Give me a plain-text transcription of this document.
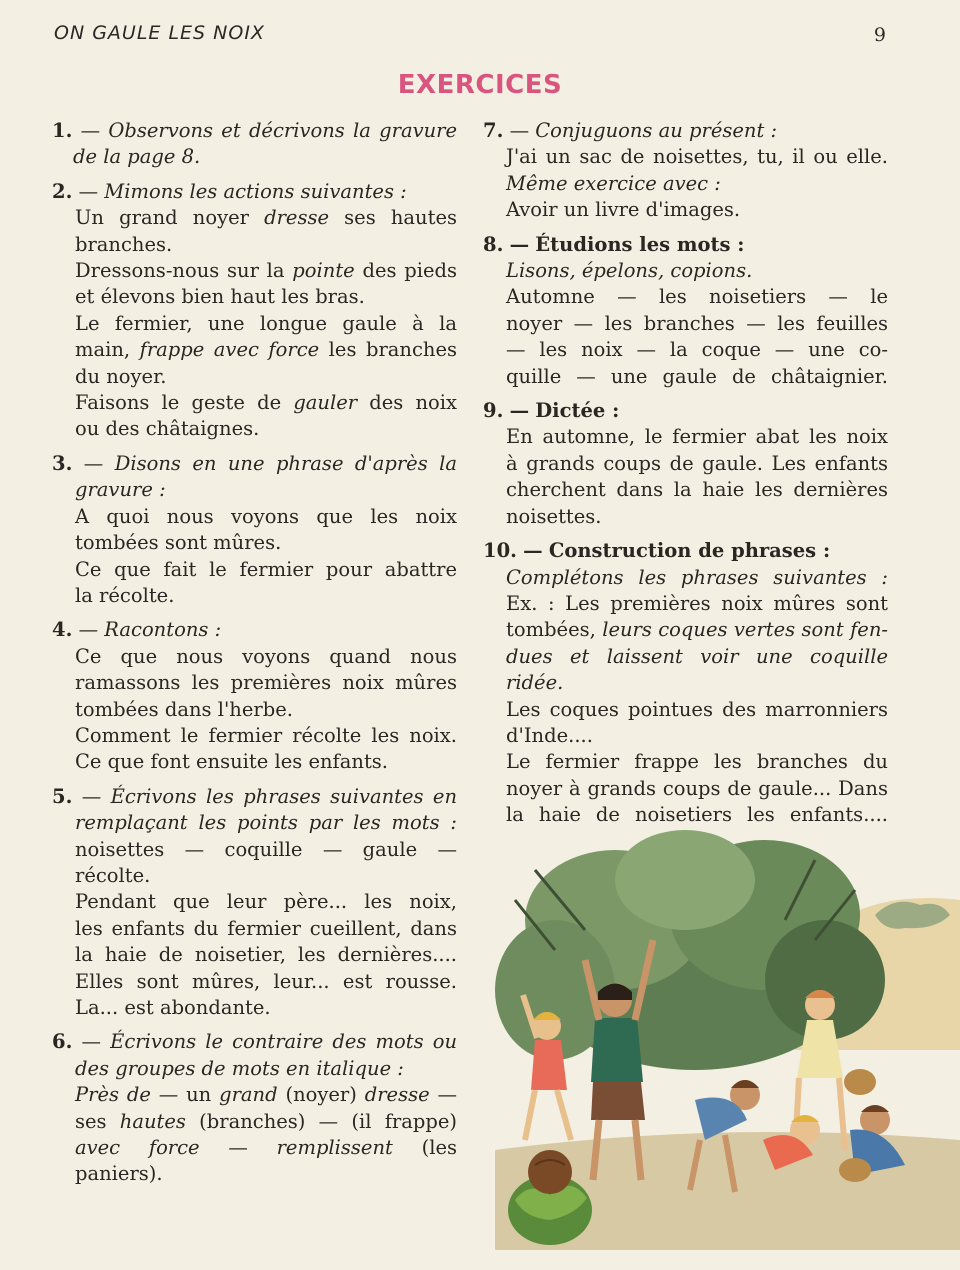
ON GAULE LES NOIX	9
EXERCICES
1. — Observons et décrivons la gravure
de la page 8.
2. — Mimons les actions suivantes :
Un grand noyer dresse ses hautes
branches.
Dressons-nous sur la pointe des pieds
et élevons bien haut les bras.
Le fermier, une longue gaule à la
main, frappe avec force les branches
du noyer.
Faisons le geste de gauler des noix
ou des châtaignes.
3. — Disons en une phrase d'après la
gravure :
A quoi nous voyons que les noix
tombées sont mûres.
Ce que fait le fermier pour abattre
la récolte.
4. — Racontons :
Ce que nous voyons quand nous
ramassons les premières noix mûres
tombées dans l'herbe.
Comment le fermier récolte les noix.
Ce que font ensuite les enfants.
5. — Écrivons les phrases suivantes en
remplaçant les points par les mots :
noisettes — coquille — gaule —
récolte.
Pendant que leur père... les noix,
les enfants du fermier cueillent, dans
la haie de noisetier, les dernières....
Elles sont mûres, leur... est rousse.
La... est abondante.
6. — Écrivons le contraire des mots ou
des groupes de mots en italique :
Près de — un grand (noyer) dresse —
ses hautes (branches) — (il frappe)
avec force — remplissent (les paniers).
7. — Conjuguons au présent :
J'ai un sac de noisettes, tu, il ou elle.
Même exercice avec :
Avoir un livre d'images.
8. — Étudions les mots :
Lisons, épelons, copions.
Automne — les noisetiers — le
noyer — les branches — les feuilles
— les noix — la coque — une co-
quille — une gaule de châtaignier.
9. — Dictée :
En automne, le fermier abat les noix
à grands coups de gaule. Les enfants
cherchent dans la haie les dernières
noisettes.
10. — Construction de phrases :
Complétons les phrases suivantes :
Ex. : Les premières noix mûres sont
tombées, leurs coques vertes sont fen-
dues et laissent voir une coquille ridée.
Les coques pointues des marronniers
d'Inde....
Le fermier frappe les branches du
noyer à grands coups de gaule... Dans
la haie de noisetiers les enfants....
